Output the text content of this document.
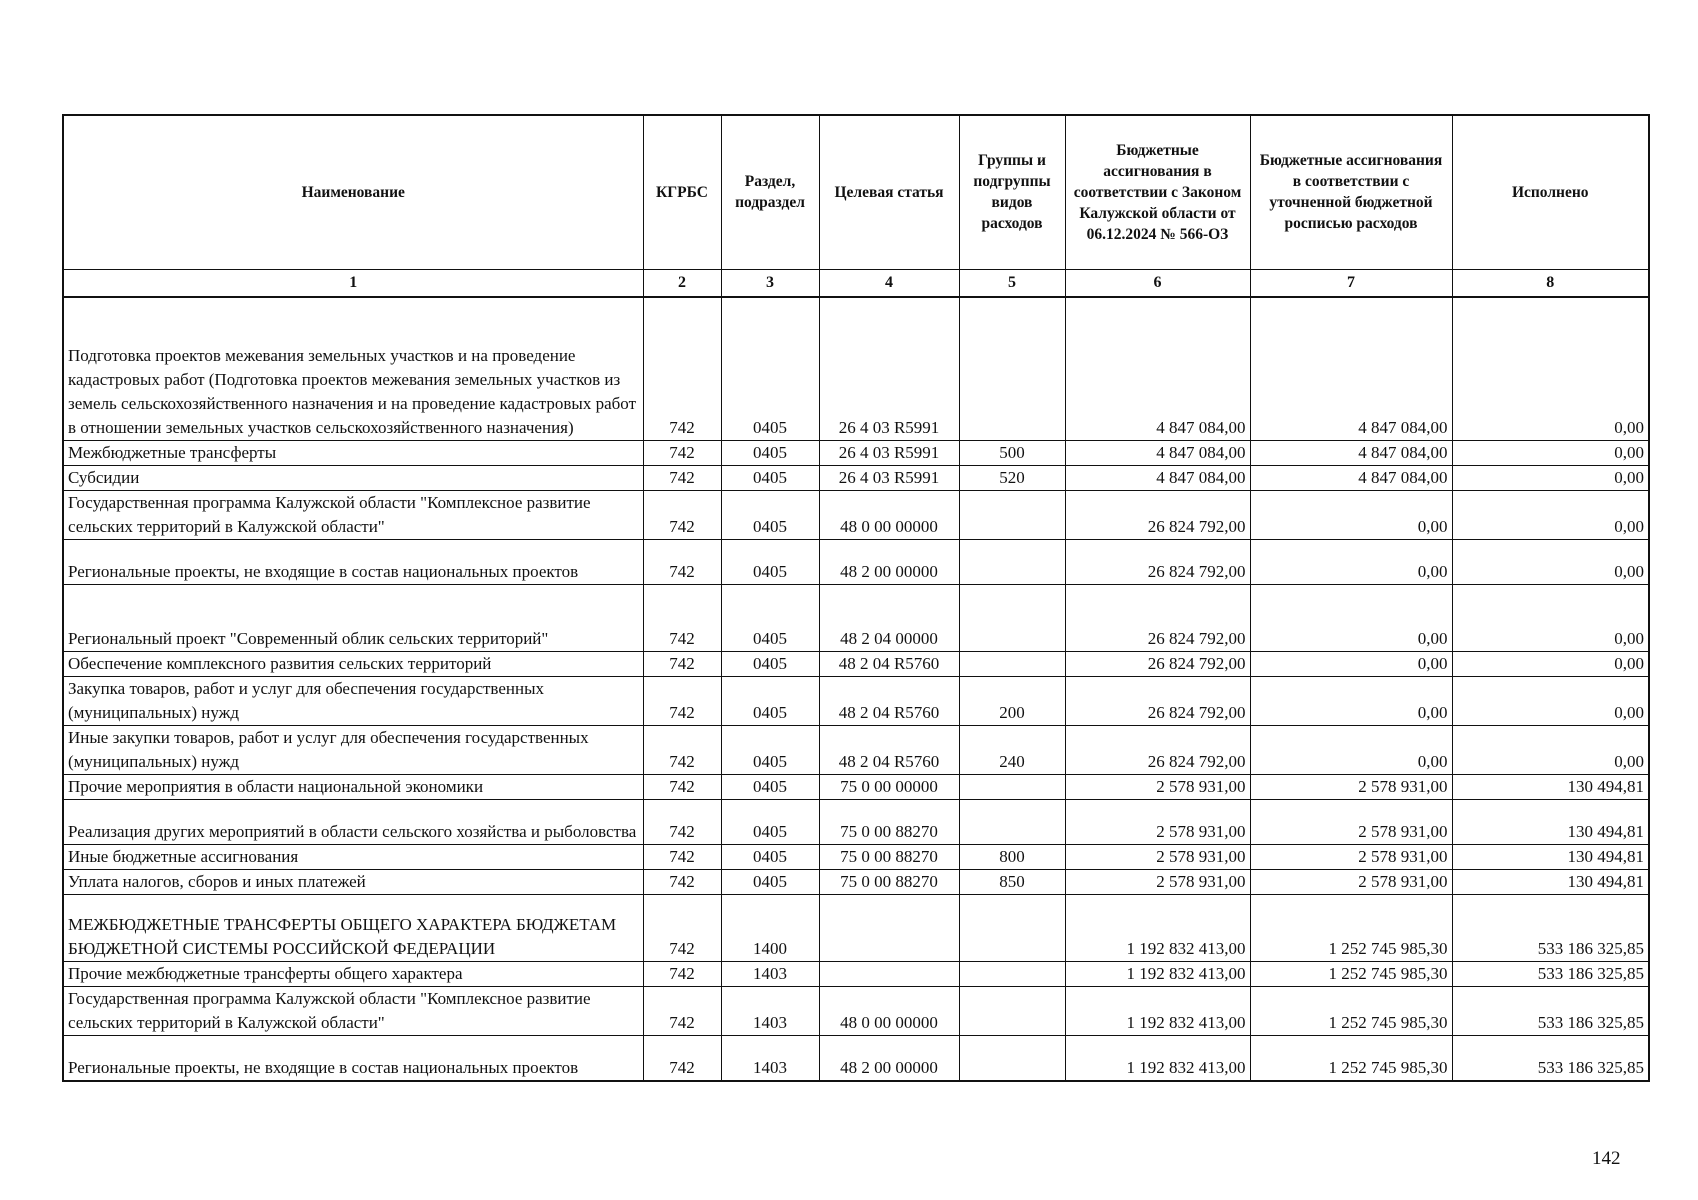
Наименование	КГРБС	Раздел, подраздел	Целевая статья	Группы и подгруппы видов расходов	Бюджетные ассигнования в соответствии с Законом Калужской области от 06.12.2024 № 566-ОЗ	Бюджетные ассигнования в соответствии с уточненной бюджетной росписью расходов	Исполнено
1	2	3	4	5	6	7	8
Подготовка проектов межевания земельных участков и на проведение кадастровых работ (Подготовка проектов межевания земельных участков из земель сельскохозяйственного назначения и на проведение кадастровых работ в отношении земельных участков сельскохозяйственного назначения)	742	0405	26 4 03 R5991		4 847 084,00	4 847 084,00	0,00
Межбюджетные трансферты	742	0405	26 4 03 R5991	500	4 847 084,00	4 847 084,00	0,00
Субсидии	742	0405	26 4 03 R5991	520	4 847 084,00	4 847 084,00	0,00
Государственная программа Калужской области "Комплексное развитие сельских территорий в Калужской области"	742	0405	48 0 00 00000		26 824 792,00	0,00	0,00
Региональные проекты, не входящие в состав национальных проектов	742	0405	48 2 00 00000		26 824 792,00	0,00	0,00
Региональный проект "Современный облик сельских территорий"	742	0405	48 2 04 00000		26 824 792,00	0,00	0,00
Обеспечение комплексного развития сельских территорий	742	0405	48 2 04 R5760		26 824 792,00	0,00	0,00
Закупка товаров, работ и услуг для обеспечения государственных (муниципальных) нужд	742	0405	48 2 04 R5760	200	26 824 792,00	0,00	0,00
Иные закупки товаров, работ и услуг для обеспечения государственных (муниципальных) нужд	742	0405	48 2 04 R5760	240	26 824 792,00	0,00	0,00
Прочие мероприятия в области национальной экономики	742	0405	75 0 00 00000		2 578 931,00	2 578 931,00	130 494,81
Реализация других мероприятий в области сельского хозяйства и рыболовства	742	0405	75 0 00 88270		2 578 931,00	2 578 931,00	130 494,81
Иные бюджетные ассигнования	742	0405	75 0 00 88270	800	2 578 931,00	2 578 931,00	130 494,81
Уплата налогов, сборов и иных платежей	742	0405	75 0 00 88270	850	2 578 931,00	2 578 931,00	130 494,81
МЕЖБЮДЖЕТНЫЕ ТРАНСФЕРТЫ ОБЩЕГО ХАРАКТЕРА БЮДЖЕТАМ БЮДЖЕТНОЙ СИСТЕМЫ РОССИЙСКОЙ ФЕДЕРАЦИИ	742	1400			1 192 832 413,00	1 252 745 985,30	533 186 325,85
Прочие межбюджетные трансферты общего характера	742	1403			1 192 832 413,00	1 252 745 985,30	533 186 325,85
Государственная программа Калужской области "Комплексное развитие сельских территорий в Калужской области"	742	1403	48 0 00 00000		1 192 832 413,00	1 252 745 985,30	533 186 325,85
Региональные проекты, не входящие в состав национальных проектов	742	1403	48 2 00 00000		1 192 832 413,00	1 252 745 985,30	533 186 325,85
142
